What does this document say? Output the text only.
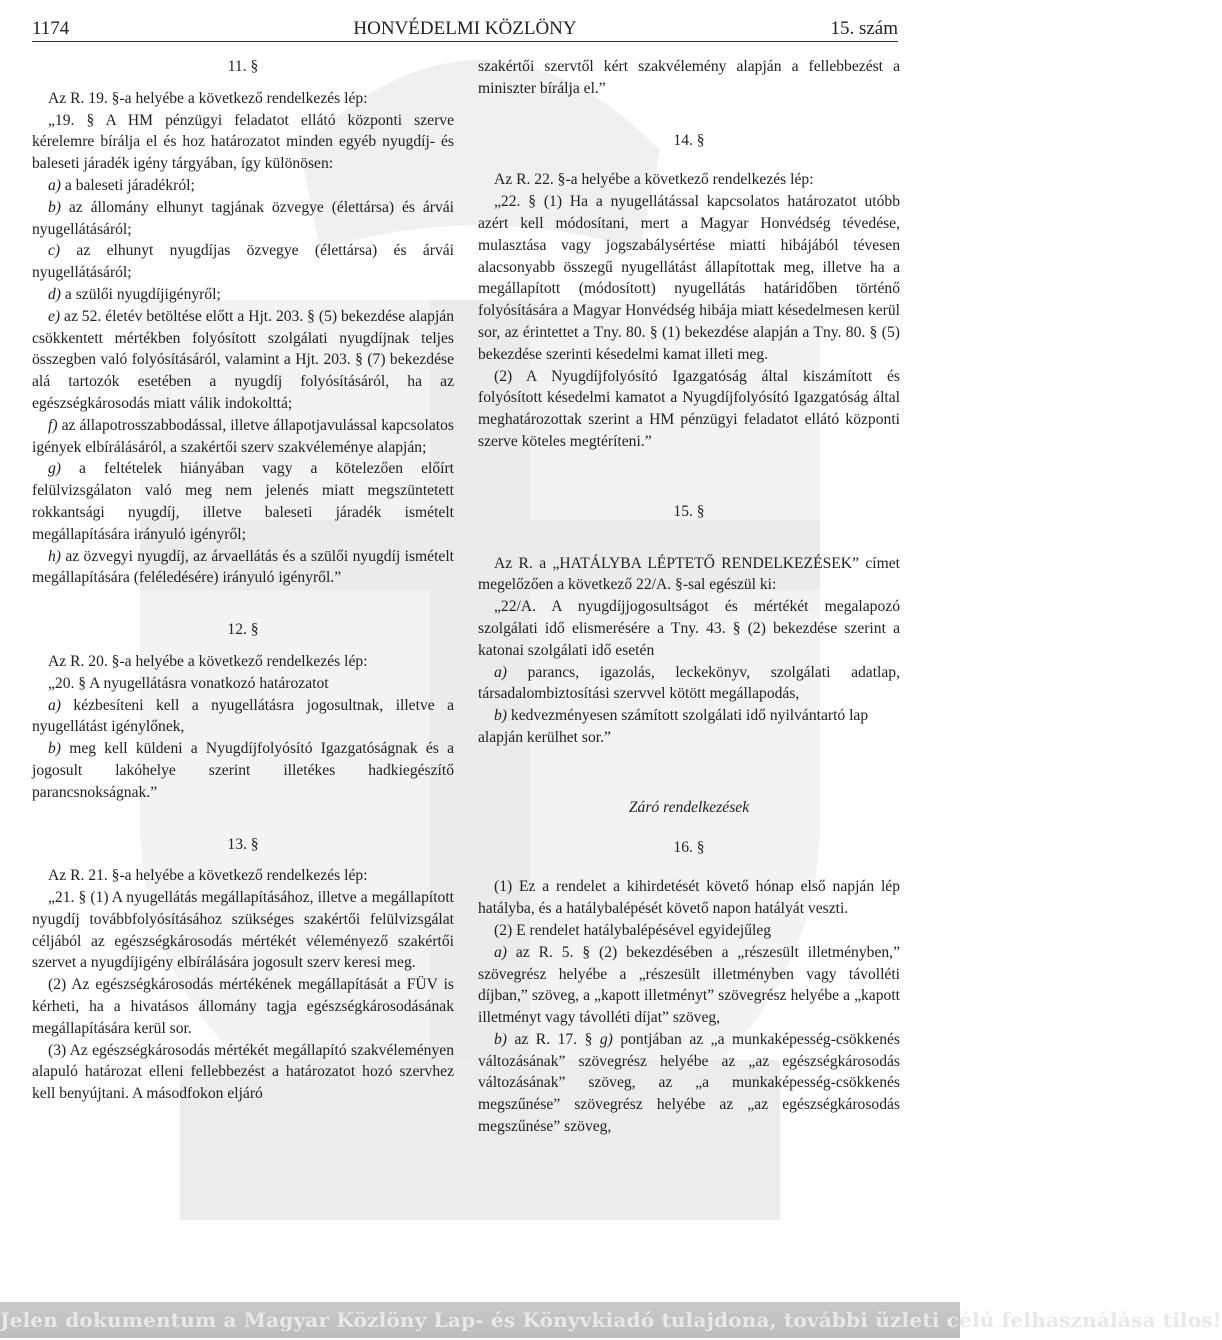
1174	HONVÉDELMI KÖZLÖNY	15. szám

11. §

Az R. 19. §-a helyébe a következő rendelkezés lép:

„19. § A HM pénzügyi feladatot ellátó központi szerve kérelemre bírálja el és hoz határozatot minden egyéb nyugdíj- és baleseti járadék igény tárgyában, így különösen:

a) a baleseti járadékról;

b) az állomány elhunyt tagjának özvegye (élettársa) és árvái nyugellátásáról;

c) az elhunyt nyugdíjas özvegye (élettársa) és árvái nyugellátásáról;

d) a szülői nyugdíjigényről;

e) az 52. életév betöltése előtt a Hjt. 203. § (5) bekezdése alapján csökkentett mértékben folyósított szolgálati nyugdíjnak teljes összegben való folyósításáról, valamint a Hjt. 203. § (7) bekezdése alá tartozók esetében a nyugdíj folyósításáról, ha az egészségkárosodás miatt válik indokolttá;

f) az állapotrosszabbodással, illetve állapotjavulással kapcsolatos igények elbírálásáról, a szakértői szerv szakvéleménye alapján;

g) a feltételek hiányában vagy a kötelezően előírt felülvizsgálaton való meg nem jelenés miatt megszüntetett rokkantsági nyugdíj, illetve baleseti járadék ismételt megállapítására irányuló igényről;

h) az özvegyi nyugdíj, az árvaellátás és a szülői nyugdíj ismételt megállapítására (feléledésére) irányuló igényről.”

12. §

Az R. 20. §-a helyébe a következő rendelkezés lép:

„20. § A nyugellátásra vonatkozó határozatot

a) kézbesíteni kell a nyugellátásra jogosultnak, illetve a nyugellátást igénylőnek,

b) meg kell küldeni a Nyugdíjfolyósító Igazgatóságnak és a jogosult lakóhelye szerint illetékes hadkiegészítő parancsnokságnak.”

13. §

Az R. 21. §-a helyébe a következő rendelkezés lép:

„21. § (1) A nyugellátás megállapításához, illetve a megállapított nyugdíj továbbfolyósításához szükséges szakértői felülvizsgálat céljából az egészségkárosodás mértékét véleményező szakértői szervet a nyugdíjigény elbírálására jogosult szerv keresi meg.

(2) Az egészségkárosodás mértékének megállapítását a FÜV is kérheti, ha a hivatásos állomány tagja egészségkárosodásának megállapítására kerül sor.

(3) Az egészségkárosodás mértékét megállapító szakvéleményen alapuló határozat elleni fellebbezést a határozatot hozó szervhez kell benyújtani. A másodfokon eljáró

szakértői szervtől kért szakvélemény alapján a fellebbezést a miniszter bírálja el.”

14. §

Az R. 22. §-a helyébe a következő rendelkezés lép:

„22. § (1) Ha a nyugellátással kapcsolatos határozatot utóbb azért kell módosítani, mert a Magyar Honvédség tévedése, mulasztása vagy jogszabálysértése miatti hibájából tévesen alacsonyabb összegű nyugellátást állapítottak meg, illetve ha a megállapított (módosított) nyugellátás határidőben történő folyósítására a Magyar Honvédség hibája miatt késedelmesen kerül sor, az érintettet a Tny. 80. § (1) bekezdése alapján a Tny. 80. § (5) bekezdése szerinti késedelmi kamat illeti meg.

(2) A Nyugdíjfolyósító Igazgatóság által kiszámított és folyósított késedelmi kamatot a Nyugdíjfolyósító Igazgatóság által meghatározottak szerint a HM pénzügyi feladatot ellátó központi szerve köteles megtéríteni.”

15. §

Az R. a „HATÁLYBA LÉPTETŐ RENDELKEZÉSEK” címet megelőzően a következő 22/A. §-sal egészül ki:

„22/A. A nyugdíjjogosultságot és mértékét megalapozó szolgálati idő elismerésére a Tny. 43. § (2) bekezdése szerint a katonai szolgálati idő esetén

a) parancs, igazolás, leckekönyv, szolgálati adatlap, társadalombiztosítási szervvel kötött megállapodás,

b) kedvezményesen számított szolgálati idő nyilvántartó lap

alapján kerülhet sor.”

Záró rendelkezések

16. §

(1) Ez a rendelet a kihirdetését követő hónap első napján lép hatályba, és a hatálybalépését követő napon hatályát veszti.

(2) E rendelet hatálybalépésével egyidejűleg

a) az R. 5. § (2) bekezdésében a „részesült illetményben,” szövegrész helyébe a „részesült illetményben vagy távolléti díjban,” szöveg, a „kapott illetményt” szövegrész helyébe a „kapott illetményt vagy távolléti díjat” szöveg,

b) az R. 17. § g) pontjában az „a munkaképesség-csökkenés változásának” szövegrész helyébe az „az egészségkárosodás változásának” szöveg, az „a munkaképesség-csökkenés megszűnése” szövegrész helyébe az „az egészségkárosodás megszűnése” szöveg,

Jelen dokumentum a Magyar Közlöny Lap- és Könyvkiadó tulajdona, további üzleti célú felhasználása tilos!
